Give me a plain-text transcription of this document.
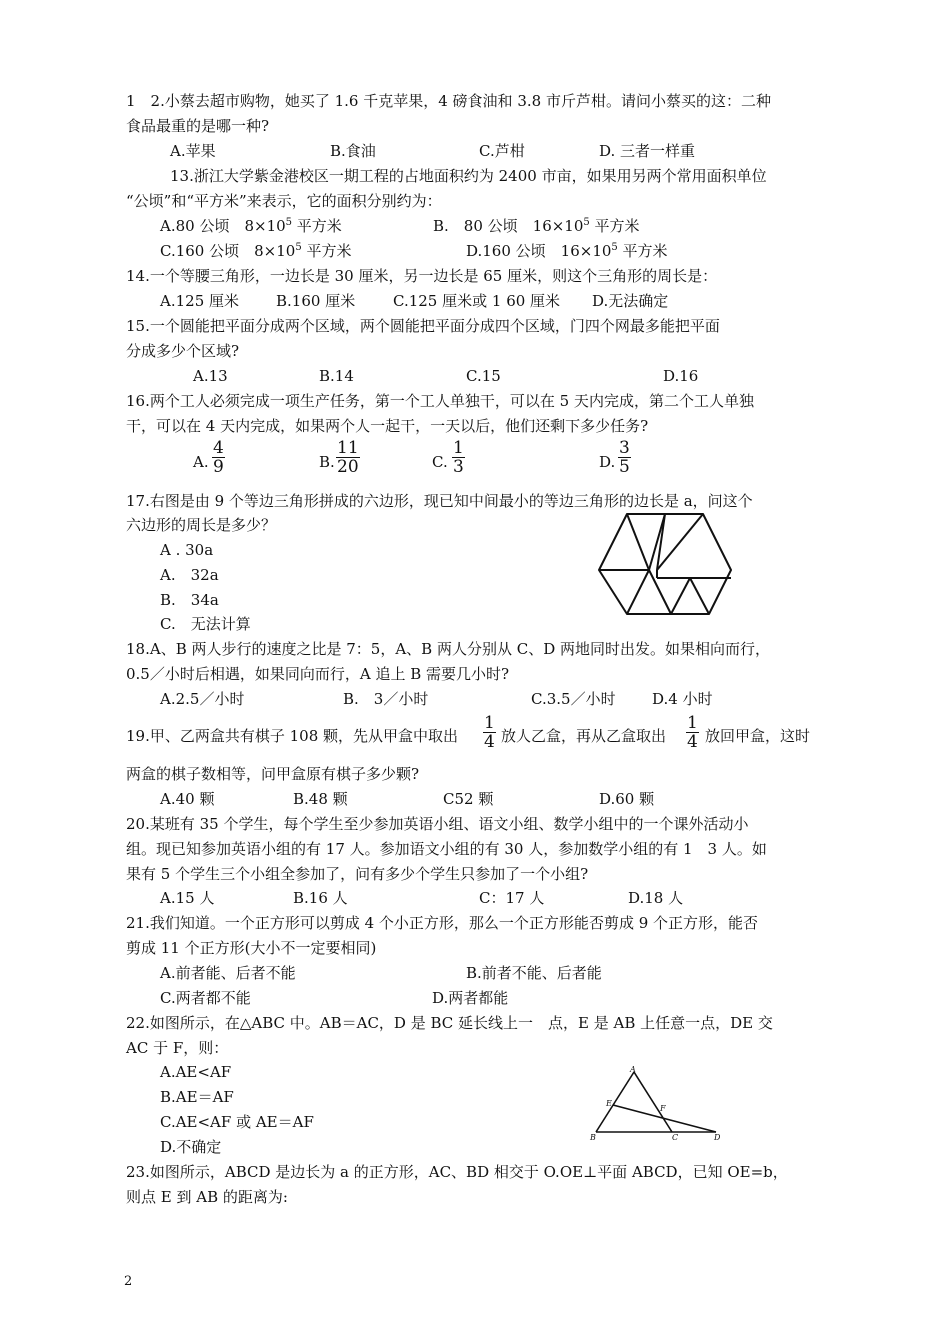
1　2.小蔡去超市购物，她买了 1.6 千克苹果，4 磅食油和 3.8 市斤芦柑。请问小蔡买的这：二种
食品最重的是哪一种?
A.苹果	B.食油	C.芦柑	D. 三者一样重
13.浙江大学紫金港校区一期工程的占地面积约为 2400 市亩，如果用另两个常用面积单位
“公顷”和“平方米”来表示，它的面积分别约为：
A.80 公顷　$8\times 10^5$ 平方米	B.　80 公顷　$16\times 10^5$ 平方米
C.160 公顷　$8\times 10^5$ 平方米	D.160 公顷　$16\times 10^5$ 平方米
14.一个等腰三角形，一边长是 30 厘米，另一边长是 65 厘米，则这个三角形的周长是：
A.125 厘米 B.160 厘米	C.125 厘米或 1 60 厘米 D.无法确定
15.一个圆能把平面分成两个区域，两个圆能把平面分成四个区域，门四个网最多能把平面
分成多少个区域?
A.13	B.14	C.15	D.16
16.两个工人必须完成一项生产任务，第一个工人单独干，可以在 5 天内完成，第二个工人单独
干，可以在 4 天内完成，如果两个人一起干，一天以后，他们还剩下多少任务?
A.
4
9	B.
11
20	C.
1
3	D.
3
5
17.右图是由 9 个等边三角形拼成的六边形，现已知中间最小的等边三角形的边长是 a，问这个
六边形的周长是多少？
A . 30a
A.　32a
B.　34a
C.　无法计算
18.A、B 两人步行的速度之比是 7：5，A、B 两人分别从 C、D 两地同时出发。如果相向而行，
0.5／小时后相遇，如果同向而行，A 追上 B 需要几小时?
A.2.5／小时	B.　3／小时	C.3.5／小时 D.4 小时
19.甲、乙两盒共有棋子 108 颗，先从甲盒中取出
1
4 放人乙盒，再从乙盒取出
1
4 放回甲盒，这时
两盒的棋子数相等，问甲盒原有棋子多少颗?
A.40 颗	B.48 颗	C52 颗	D.60 颗
20.某班有 35 个学生，每个学生至少参加英语小组、语文小组、数学小组中的一个课外活动小
组。现已知参加英语小组的有 17 人。参加语文小组的有 30 人，参加数学小组的有 1　3 人。如
果有 5 个学生三个小组全参加了，问有多少个学生只参加了一个小组?
A.15 人	B.16 人	C：17 人	D.18 人
21.我们知道。一个正方形可以剪成 4 个小正方形，那么一个正方形能否剪成 9 个正方形，能否
剪成 11 个正方形(大小不一定要相同)
A.前者能、后者不能	B.前者不能、后者能
C.两者都不能	D.两者都能
22.如图所示，在△ABC 中。AB＝AC，D 是 BC 延长线上一　点，E 是 AB 上任意一点，DE 交
AC 于 F，则：
A.AE<AF
B.AE＝AF
C.AE<AF 或 AE＝AF
D.不确定
A
B	C	D
E
F
23.如图所示，ABCD 是边长为 a 的正方形，AC、BD 相交于 O.OE⊥平面 ABCD，已知 OE=b，
则点 E 到 AB 的距离为:
2
